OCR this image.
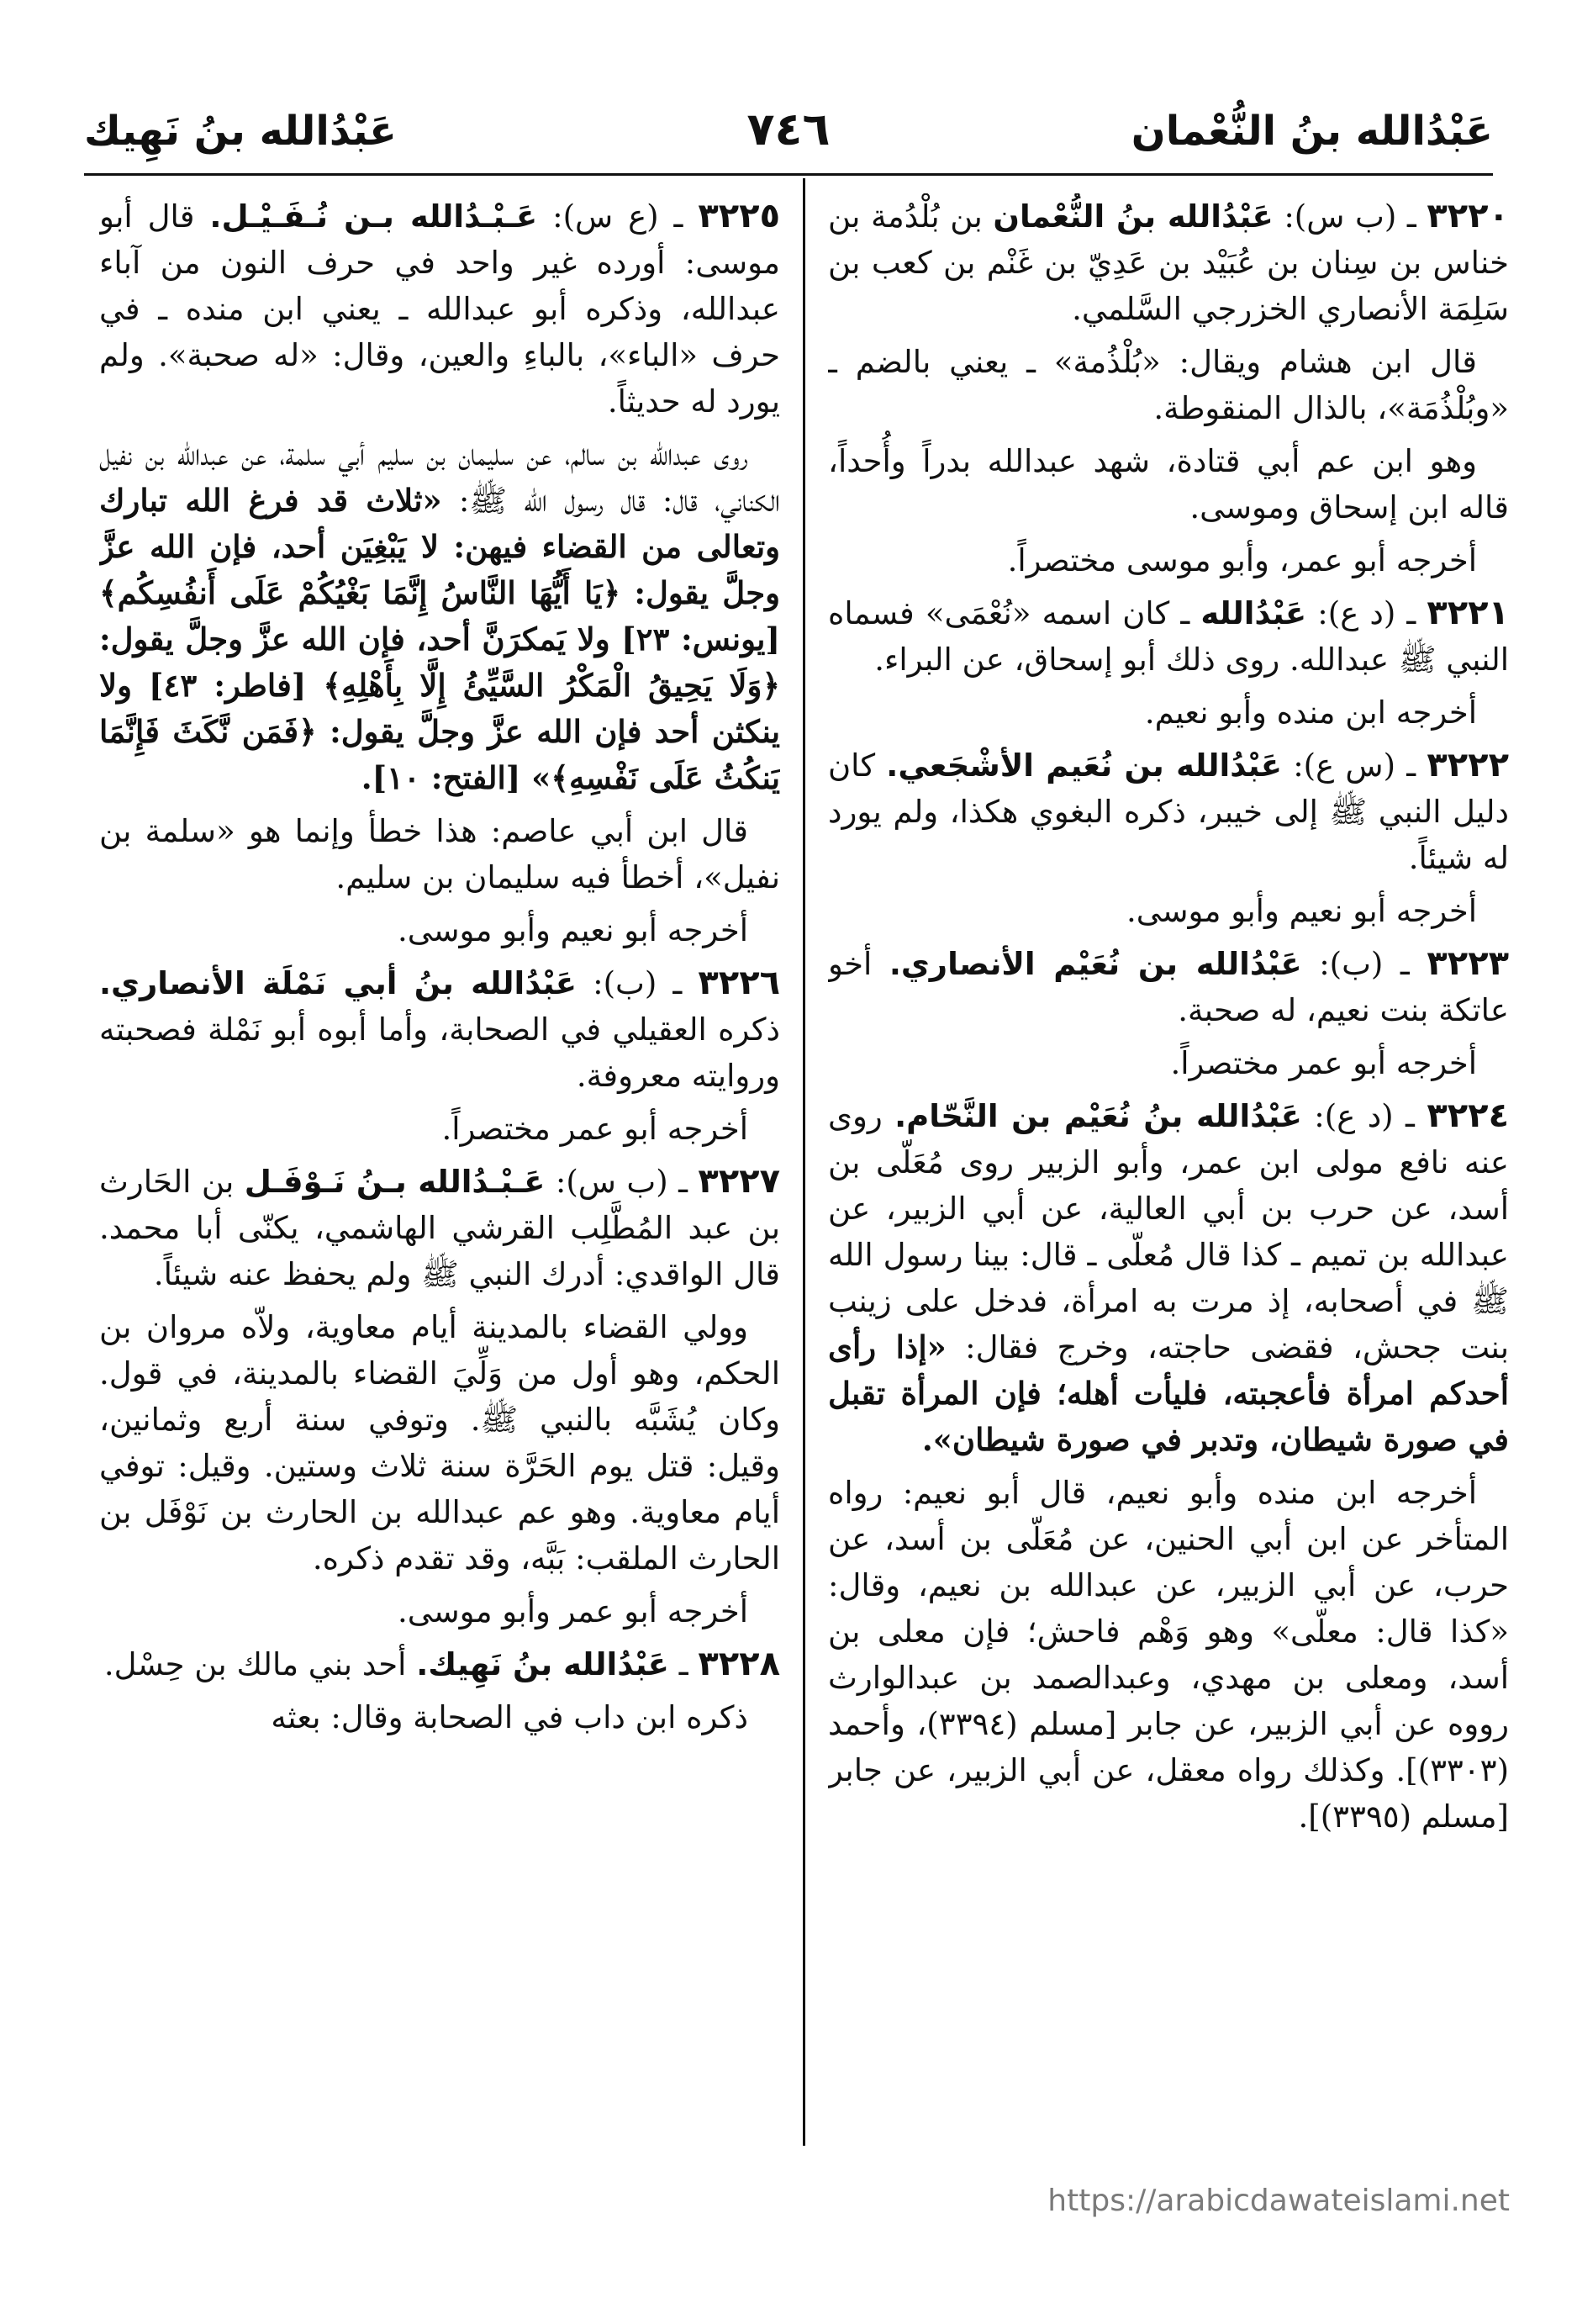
عَبْدُالله بنُ النُّعْمان
٧٤٦
عَبْدُالله بنُ نَهِيك

٣٢٢٠ ـ (ب س): عَبْدُالله بنُ النُّعْمان بن بُلْدُمة بن خناس بن سِنان بن عُبَيْد بن عَدِيّ بن غَنْم بن كعب بن سَلِمَة الأنصاري الخزرجي السَّلمي.

قال ابن هشام ويقال: «بُلْذُمة» ـ يعني بالضم ـ «وبُلْذُمَة»، بالذال المنقوطة.

وهو ابن عم أبي قتادة، شهد عبدالله بدراً وأُحداً، قاله ابن إسحاق وموسى.

أخرجه أبو عمر، وأبو موسى مختصراً.

٣٢٢١ ـ (د ع): عَبْدُالله ـ كان اسمه «نُعْمَى» فسماه النبي ﷺ عبدالله. روى ذلك أبو إسحاق، عن البراء.

أخرجه ابن منده وأبو نعيم.

٣٢٢٢ ـ (س ع): عَبْدُالله بن نُعَيم الأشْجَعي. كان دليل النبي ﷺ إلى خيبر، ذكره البغوي هكذا، ولم يورد له شيئاً.

أخرجه أبو نعيم وأبو موسى.

٣٢٢٣ ـ (ب): عَبْدُالله بن نُعَيْم الأنصاري. أخو عاتكة بنت نعيم، له صحبة.

أخرجه أبو عمر مختصراً.

٣٢٢٤ ـ (د ع): عَبْدُالله بنُ نُعَيْم بن النَّحّام. روى عنه نافع مولى ابن عمر، وأبو الزبير روى مُعَلّى بن أسد، عن حرب بن أبي العالية، عن أبي الزبير، عن عبدالله بن تميم ـ كذا قال مُعلّى ـ قال: بينا رسول الله ﷺ في أصحابه، إذ مرت به امرأة، فدخل على زينب بنت جحش، فقضى حاجته، وخرج فقال: «إذا رأى أحدكم امرأة فأعجبته، فليأت أهله؛ فإن المرأة تقبل في صورة شيطان، وتدبر في صورة شيطان».

أخرجه ابن منده وأبو نعيم، قال أبو نعيم: رواه المتأخر عن ابن أبي الحنين، عن مُعَلّى بن أسد، عن حرب، عن أبي الزبير، عن عبدالله بن نعيم، وقال: «كذا قال: معلّى» وهو وَهْم فاحش؛ فإن معلى بن أسد، ومعلى بن مهدي، وعبدالصمد بن عبدالوارث رووه عن أبي الزبير، عن جابر [مسلم (٣٣٩٤)، وأحمد (٣٣٠٣)]. وكذلك رواه معقل، عن أبي الزبير، عن جابر [مسلم (٣٣٩٥)].

٣٢٢٥ ـ (ع س): عَـبْـدُالله بـن نُـفَـيْـل. قال أبو موسى: أورده غير واحد في حرف النون من آباء عبدالله، وذكره أبو عبدالله ـ يعني ابن منده ـ في حرف «الباء»، بالباءِ والعين، وقال: «له صحبة». ولم يورد له حديثاً.

روى عبدالله بن سالم، عن سليمان بن سليم أبي سلمة، عن عبدالله بن نفيل الكناني، قال: قال رسول الله ﷺ: «ثلاث قد فرغ الله تبارك وتعالى من القضاء فيهن: لا يَبْغِيَن أحد، فإن الله عزَّ وجلَّ يقول: ﴿يَا أَيُّهَا النَّاسُ إِنَّمَا بَغْيُكُمْ عَلَى أَنفُسِكُم﴾ [يونس: ٢٣] ولا يَمكرَنَّ أحد، فإن الله عزَّ وجلَّ يقول: ﴿وَلَا يَحِيقُ الْمَكْرُ السَّيِّئُ إِلَّا بِأَهْلِهِ﴾ [فاطر: ٤٣] ولا ينكثن أحد فإن الله عزَّ وجلَّ يقول: ﴿فَمَن نَّكَثَ فَإِنَّمَا يَنكُثُ عَلَى نَفْسِهِ﴾» [الفتح: ١٠].

قال ابن أبي عاصم: هذا خطأ وإنما هو «سلمة بن نفيل»، أخطأ فيه سليمان بن سليم.

أخرجه أبو نعيم وأبو موسى.

٣٢٢٦ ـ (ب): عَبْدُالله بنُ أبي نَمْلَة الأنصاري. ذكره العقيلي في الصحابة، وأما أبوه أبو نَمْلة فصحبته وروايته معروفة.

أخرجه أبو عمر مختصراً.

٣٢٢٧ ـ (ب س): عَـبْـدُالله بـنُ نَـوْفَـل بن الحَارث بن عبد المُطَّلِب القرشي الهاشمي، يكنّى أبا محمد. قال الواقدي: أدرك النبي ﷺ ولم يحفظ عنه شيئاً.

وولي القضاء بالمدينة أيام معاوية، ولاّه مروان بن الحكم، وهو أول من وَلِّيَ القضاء بالمدينة، في قول. وكان يُشَبَّه بالنبي ﷺ. وتوفي سنة أربع وثمانين، وقيل: قتل يوم الحَرَّة سنة ثلاث وستين. وقيل: توفي أيام معاوية. وهو عم عبدالله بن الحارث بن نَوْفَل بن الحارث الملقب: بَبَّه، وقد تقدم ذكره.

أخرجه أبو عمر وأبو موسى.

٣٢٢٨ ـ عَبْدُالله بنُ نَهِيك. أحد بني مالك بن حِسْل.

ذكره ابن داب في الصحابة وقال: بعثه

https://arabicdawateislami.net
